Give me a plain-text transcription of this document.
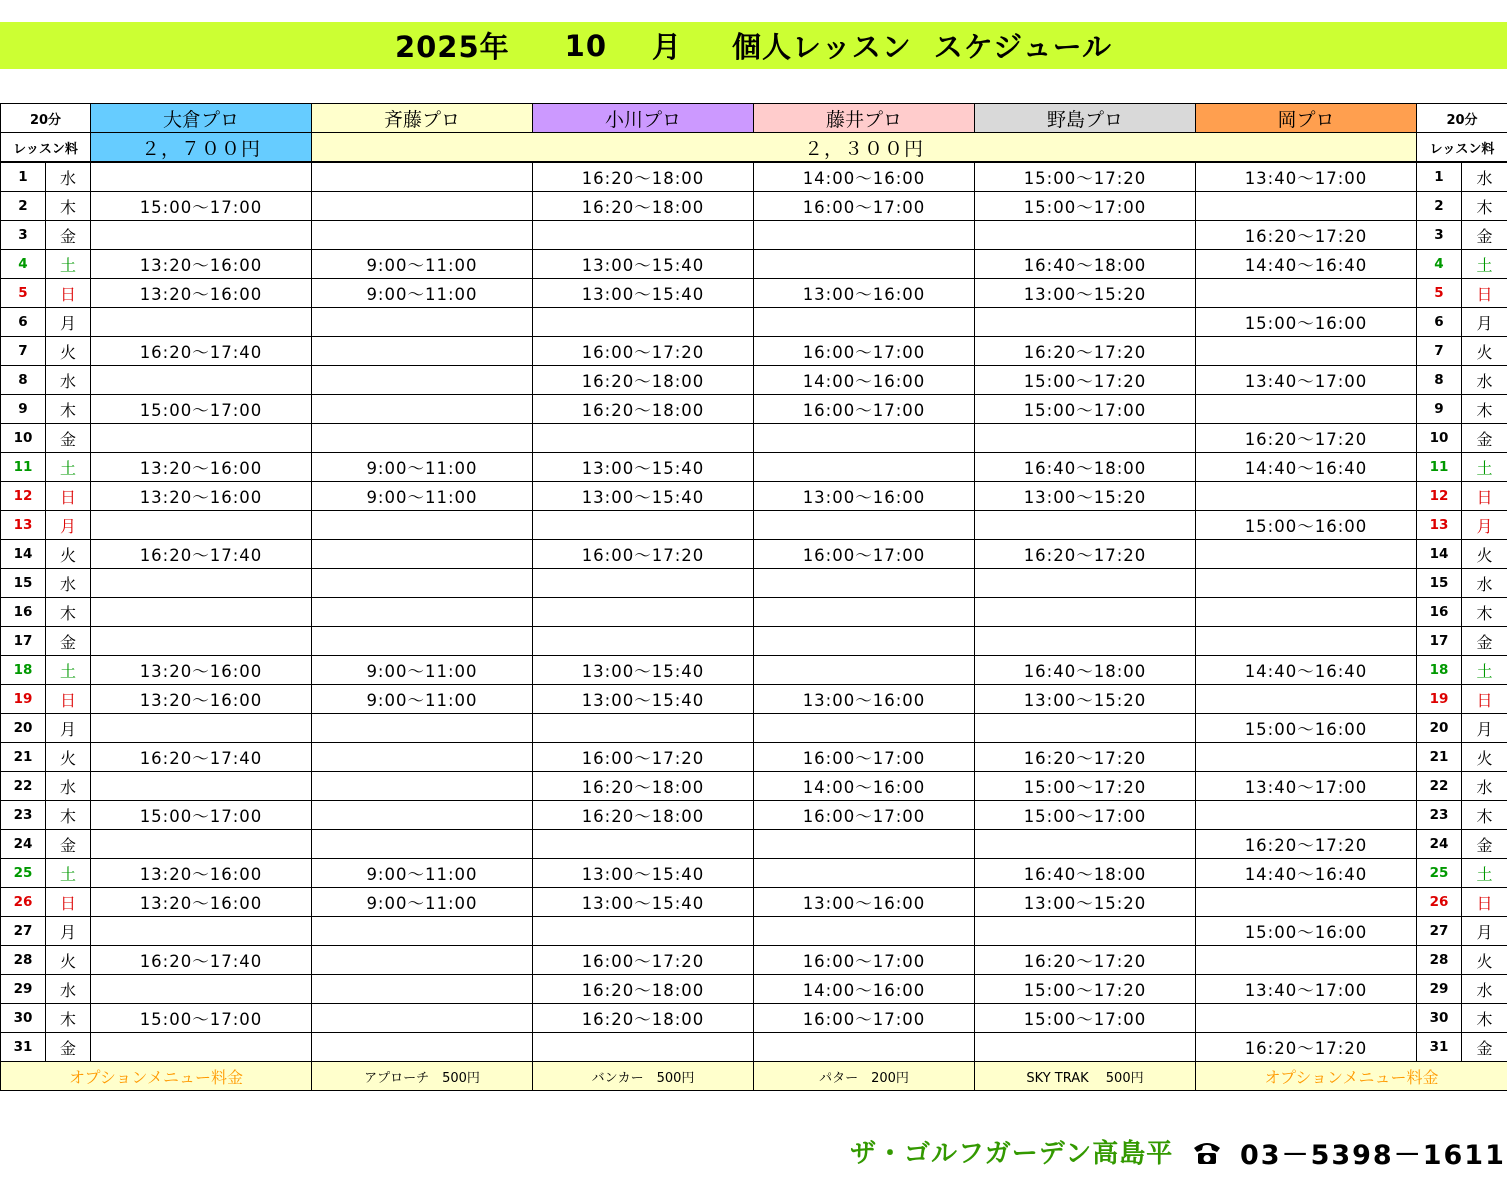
2025年 10 月 個人レッスン スケジュール
20分		大倉プロ	斉藤プロ	小川プロ	藤井プロ	野島プロ	岡プロ	20分	
レッスン料		２，７００円	２，３００円					レッスン料	
1	水			16:20～18:00	14:00～16:00	15:00～17:20	13:40～17:00	1	水
2	木	15:00～17:00		16:20～18:00	16:00～17:00	15:00～17:00		2	木
3	金						16:20～17:20	3	金
4	土	13:20～16:00	9:00～11:00	13:00～15:40		16:40～18:00	14:40～16:40	4	土
5	日	13:20～16:00	9:00～11:00	13:00～15:40	13:00～16:00	13:00～15:20		5	日
6	月						15:00～16:00	6	月
7	火	16:20～17:40		16:00～17:20	16:00～17:00	16:20～17:20		7	火
8	水			16:20～18:00	14:00～16:00	15:00～17:20	13:40～17:00	8	水
9	木	15:00～17:00		16:20～18:00	16:00～17:00	15:00～17:00		9	木
10	金						16:20～17:20	10	金
11	土	13:20～16:00	9:00～11:00	13:00～15:40		16:40～18:00	14:40～16:40	11	土
12	日	13:20～16:00	9:00～11:00	13:00～15:40	13:00～16:00	13:00～15:20		12	日
13	月						15:00～16:00	13	月
14	火	16:20～17:40		16:00～17:20	16:00～17:00	16:20～17:20		14	火
15	水							15	水
16	木							16	木
17	金							17	金
18	土	13:20～16:00	9:00～11:00	13:00～15:40		16:40～18:00	14:40～16:40	18	土
19	日	13:20～16:00	9:00～11:00	13:00～15:40	13:00～16:00	13:00～15:20		19	日
20	月						15:00～16:00	20	月
21	火	16:20～17:40		16:00～17:20	16:00～17:00	16:20～17:20		21	火
22	水			16:20～18:00	14:00～16:00	15:00～17:20	13:40～17:00	22	水
23	木	15:00～17:00		16:20～18:00	16:00～17:00	15:00～17:00		23	木
24	金						16:20～17:20	24	金
25	土	13:20～16:00	9:00～11:00	13:00～15:40		16:40～18:00	14:40～16:40	25	土
26	日	13:20～16:00	9:00～11:00	13:00～15:40	13:00～16:00	13:00～15:20		26	日
27	月						15:00～16:00	27	月
28	火	16:20～17:40		16:00～17:20	16:00～17:00	16:20～17:20		28	火
29	水			16:20～18:00	14:00～16:00	15:00～17:20	13:40～17:00	29	水
30	木	15:00～17:00		16:20～18:00	16:00～17:00	15:00～17:00		30	木
31	金						16:20～17:20	31	金
オプションメニュー料金			アプローチ　500円	バンカー　500円	パター　200円	SKY TRAK　 500円	オプションメニュー料金		
ザ・ゴルフガーデン高島平 03－5398－1611
